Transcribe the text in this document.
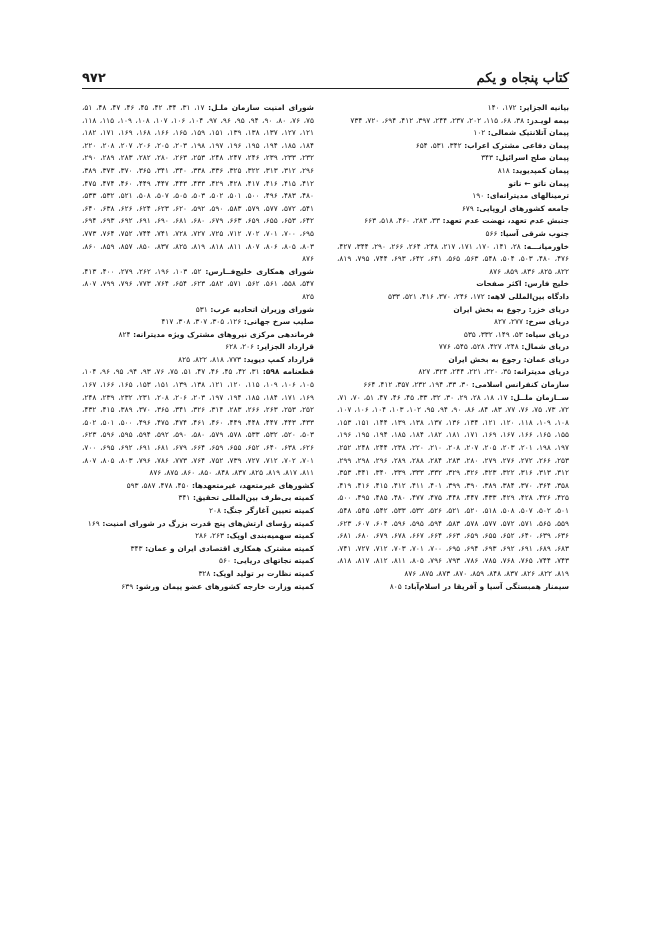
کتاب پنجاه و یکم
۹۷۲
بیانیه الجزایر: ۱۷۲، ۱۴۰
بیمه لویـدز: ۳۸، ۶۸، ۱۱۵، ۲۰۲، ۲۳۷، ۲۴۴، ۳۹۷، ۴۱۲، ۶۹۴، ۷۲۰، ۷۳۴
پیمان آتلانتیک شمالی: ۱۰۲
پیمان دفاعی مشترک اعراب: ۳۴۲، ۵۳۱، ۶۵۴
پیمان صلح اسرائیل: ۳۴۳
پیمان کمپدیوید: ۸۱۸
پیمان ناتو ← ناتو
ترمینالهای مدیترانه‌ای: ۱۹۰
جامعه کشورهای اروپایی: ۶۷۹
جنبش عدم تعهد، نهضت عدم تعهد: ۳۳، ۲۸۳، ۴۶۰، ۵۱۸، ۶۶۳
جنوب شرقی آسیا: ۵۶۶
خاورمیانـــه: ۲۸، ۱۴۱، ۱۷۰، ۱۷۱، ۲۱۷، ۲۴۸، ۲۶۴، ۲۶۶، ۲۹۰، ۳۴۴، ۴۲۷، ۴۷۶، ۴۸۰، ۵۰۳، ۵۰۴، ۵۴۸، ۵۶۳، ۵۶۵، ۶۴۱، ۶۴۲، ۶۹۳، ۷۴۴، ۷۹۵، ۸۱۹، ۸۲۲، ۸۲۵، ۸۳۶، ۸۵۹، ۸۷۶
خلیج فارس: اکثر صفحات
دادگاه بین‌المللی لاهه: ۱۷۲، ۲۴۶، ۳۷۰، ۴۱۶، ۵۲۱، ۵۳۳
دریای خزر: رجوع به بخش ایران
دریای سرخ: ۲۷۷، ۸۲۷
دریای سیاه: ۵۳، ۱۴۹، ۳۳۲، ۵۳۵
دریای شمال: ۲۴۸، ۴۲۷، ۵۲۸، ۵۴۵، ۷۷۶
دریای عمان: رجوع به بخش ایران
دریای مدیترانه: ۳۵، ۲۲۰، ۲۲۱، ۲۴۴، ۳۲۴، ۸۲۷
سازمان کنفرانس اسلامی: ۳۰، ۳۳، ۱۹۴، ۲۳۲، ۳۵۷، ۴۱۲، ۶۶۴
ســازمان ملــل: ۱۷، ۱۸، ۲۸، ۲۹، ۳۰، ۳۲، ۳۳، ۴۵، ۴۶، ۴۷، ۵۱، ۷۰، ۷۱، ۷۲، ۷۳، ۷۵، ۷۶، ۷۷، ۸۳، ۸۴، ۸۶، ۹۰، ۹۴، ۹۵، ۱۰۲، ۱۰۳، ۱۰۴، ۱۰۶، ۱۰۷، ۱۰۸، ۱۰۹، ۱۱۸، ۱۲۰، ۱۲۱، ۱۳۴، ۱۳۶، ۱۳۷، ۱۳۸، ۱۳۹، ۱۴۴، ۱۵۱، ۱۵۳، ۱۵۵، ۱۶۵، ۱۶۶، ۱۶۷، ۱۶۹، ۱۷۱، ۱۸۱، ۱۸۲، ۱۸۴، ۱۸۵، ۱۹۴، ۱۹۵، ۱۹۶، ۱۹۷، ۱۹۸، ۲۰۱، ۲۰۳، ۲۰۵، ۲۰۷، ۲۰۸، ۲۱۰، ۲۲۰، ۲۳۸، ۲۴۴، ۲۴۸، ۲۵۲، ۲۵۳، ۲۶۶، ۲۷۲، ۲۷۶، ۲۷۹، ۲۸۰، ۲۸۳، ۲۸۴، ۲۸۸، ۲۸۹، ۲۹۶، ۲۹۸، ۲۹۹، ۳۱۲، ۳۱۳، ۳۱۶، ۳۲۲، ۳۲۳، ۳۲۶، ۳۲۹، ۳۳۲، ۳۳۳، ۳۳۹، ۳۴۰، ۳۴۱، ۳۵۳، ۳۵۸، ۳۶۴، ۳۷۰، ۳۸۴، ۳۸۹، ۳۹۰، ۳۹۹، ۴۰۱، ۴۱۱، ۴۱۲، ۴۱۵، ۴۱۶، ۴۱۹، ۴۲۵، ۴۲۶، ۴۲۸، ۴۲۹، ۴۳۳، ۴۴۷، ۴۴۸، ۴۷۵، ۴۷۷، ۴۸۰، ۴۸۵، ۴۹۵، ۵۰۰، ۵۰۱، ۵۰۲، ۵۰۷، ۵۰۸، ۵۱۸، ۵۲۰، ۵۲۱، ۵۲۶، ۵۳۲، ۵۳۳، ۵۴۲، ۵۴۵، ۵۴۸، ۵۵۹، ۵۶۵، ۵۷۱، ۵۷۲، ۵۷۷، ۵۷۸، ۵۸۳، ۵۹۴، ۵۹۵، ۵۹۶، ۶۰۴، ۶۰۷، ۶۲۳، ۶۳۶، ۶۳۹، ۶۴۰، ۶۵۲، ۶۵۵، ۶۵۹، ۶۶۳، ۶۶۴، ۶۶۷، ۶۷۸، ۶۷۹، ۶۸۰، ۶۸۱، ۶۸۳، ۶۸۹، ۶۹۱، ۶۹۲، ۶۹۳، ۶۹۴، ۶۹۵، ۷۰۰، ۷۰۱، ۷۰۳، ۷۱۲، ۷۲۷، ۷۴۱، ۷۴۳، ۷۴۴، ۷۶۵، ۷۶۸، ۷۸۵، ۷۸۶، ۷۹۳، ۷۹۶، ۸۰۵، ۸۱۱، ۸۱۲، ۸۱۷، ۸۱۸، ۸۱۹، ۸۲۲، ۸۲۶، ۸۳۷، ۸۴۸، ۸۵۹، ۸۷۰، ۸۷۳، ۸۷۵، ۸۷۶
سیمنار همبستگی آسیا و آفریقا در اسلام‌آباد: ۸۰۵
شورای امنیت سازمان ملـل: ۱۷، ۳۱، ۳۴، ۴۲، ۴۵، ۴۶، ۴۷، ۴۸، ۵۱، ۷۵، ۷۶، ۸۰، ۹۰، ۹۴، ۹۵، ۹۶، ۹۷، ۱۰۴، ۱۰۶، ۱۰۷، ۱۰۸، ۱۰۹، ۱۱۵، ۱۱۸، ۱۲۱، ۱۲۷، ۱۳۷، ۱۳۸، ۱۳۹، ۱۵۱، ۱۵۹، ۱۶۵، ۱۶۶، ۱۶۸، ۱۶۹، ۱۷۱، ۱۸۲، ۱۸۴، ۱۸۵، ۱۹۴، ۱۹۵، ۱۹۶، ۱۹۷، ۱۹۸، ۲۰۳، ۲۰۵، ۲۰۶، ۲۰۷، ۲۰۸، ۲۲۰، ۲۳۲، ۲۳۳، ۲۳۹، ۲۴۶، ۲۴۷، ۲۴۸، ۲۵۳، ۲۶۳، ۲۸۰، ۲۸۲، ۲۸۳، ۲۸۹، ۲۹۰، ۲۹۶، ۳۱۲، ۳۱۳، ۳۲۲، ۳۲۵، ۳۳۶، ۳۳۸، ۳۴۰، ۳۴۱، ۳۶۵، ۳۷۰، ۳۷۳، ۳۸۹، ۴۱۲، ۴۱۵، ۴۱۶، ۴۱۷، ۴۲۸، ۴۲۹، ۴۳۳، ۴۴۳، ۴۴۷، ۴۴۹، ۴۶۰، ۴۷۴، ۴۷۵، ۴۸۰، ۴۸۳، ۴۹۶، ۵۰۰، ۵۰۱، ۵۰۲، ۵۰۳، ۵۰۵، ۵۰۷، ۵۰۸، ۵۲۱، ۵۳۲، ۵۳۳، ۵۴۱، ۵۷۲، ۵۷۷، ۵۷۹، ۵۸۳، ۵۹۰، ۵۹۲، ۶۲۰، ۶۲۳، ۶۲۴، ۶۲۶، ۶۳۸، ۶۴۰، ۶۴۲، ۶۵۳، ۶۵۵، ۶۵۹، ۶۶۳، ۶۷۹، ۶۸۰، ۶۸۱، ۶۹۰، ۶۹۱، ۶۹۲، ۶۹۳، ۶۹۴، ۶۹۵، ۷۰۰، ۷۰۱، ۷۰۲، ۷۱۲، ۷۲۵، ۷۲۷، ۷۲۸، ۷۴۱، ۷۴۴، ۷۵۲، ۷۶۴، ۷۷۳، ۸۰۳، ۸۰۵، ۸۰۶، ۸۰۷، ۸۱۱، ۸۱۸، ۸۱۹، ۸۲۵، ۸۳۷، ۸۵۰، ۸۵۷، ۸۵۹، ۸۶۰، ۸۷۶
شورای همکاری خلیج‌فــارس: ۵۲، ۱۰۳، ۱۹۶، ۲۶۲، ۲۷۹، ۴۰۰، ۴۱۳، ۵۴۷، ۵۵۸، ۵۶۱، ۵۶۲، ۵۷۱، ۵۸۲، ۶۲۳، ۶۵۴، ۷۶۴، ۷۷۳، ۷۹۶، ۷۹۹، ۸۰۷، ۸۲۵
شورای وزیران اتحادیه عرب: ۵۳۱
صلیب سرخ جهانی: ۱۲۶، ۳۰۵، ۳۰۷، ۳۰۸، ۴۱۷
فرماندهی مرکزی نیروهای مشترک ویژه مدیترانه: ۸۲۴
قرارداد الجزایر: ۲۰۶، ۶۲۸
قرارداد کمپ دیوید: ۷۷۳، ۸۱۸، ۸۲۲، ۸۲۵
قطعنامه ۵۹۸: ۳۱، ۴۲، ۴۵، ۴۶، ۴۷، ۵۱، ۷۵، ۷۶، ۹۳، ۹۴، ۹۵، ۹۶، ۱۰۴، ۱۰۵، ۱۰۶، ۱۰۹، ۱۱۵، ۱۲۰، ۱۲۱، ۱۳۸، ۱۳۹، ۱۵۱، ۱۵۳، ۱۶۵، ۱۶۶، ۱۶۷، ۱۶۹، ۱۷۱، ۱۸۴، ۱۸۵، ۱۹۴، ۱۹۷، ۲۰۳، ۲۰۶، ۲۰۸، ۲۳۱، ۲۳۲، ۲۳۹، ۲۴۸، ۲۵۲، ۲۵۳، ۲۶۳، ۲۶۶، ۲۸۳، ۳۱۴، ۳۲۶، ۳۴۱، ۳۶۵، ۳۷۰، ۳۸۹، ۴۱۵، ۴۳۲، ۴۳۳، ۴۴۳، ۴۴۷، ۴۴۸، ۴۴۹، ۴۶۰، ۴۶۱، ۴۷۴، ۴۷۵، ۴۹۶، ۵۰۰، ۵۰۱، ۵۰۲، ۵۰۳، ۵۲۰، ۵۳۲، ۵۳۳، ۵۷۸، ۵۷۹، ۵۸۰، ۵۹۰، ۵۹۲، ۵۹۴، ۵۹۵، ۵۹۶، ۶۲۳، ۶۲۶، ۶۳۸، ۶۴۰، ۶۵۲، ۶۵۵، ۶۵۹، ۶۶۴، ۶۷۹، ۶۸۱، ۶۹۱، ۶۹۲، ۶۹۵، ۷۰۰، ۷۰۱، ۷۰۲، ۷۱۲، ۷۲۷، ۷۳۹، ۷۵۲، ۷۶۴، ۷۷۳، ۷۸۶، ۷۹۶، ۸۰۳، ۸۰۵، ۸۰۷، ۸۱۱، ۸۱۷، ۸۱۹، ۸۲۵، ۸۳۷، ۸۴۸، ۸۵۰، ۸۶۰، ۸۷۵، ۸۷۶
کشورهای غیرمتعهد، غیرمتعهدها: ۴۵۰، ۴۷۸، ۵۸۷، ۵۹۳
کمیته بی‌طرف بین‌المللی تحقیق: ۳۴۱
کمیته تعیین آغازگر جنگ: ۲۰۸
کمیته رؤسای ارتش‌های پنج قدرت بزرگ در شورای امنیت: ۱۶۹
کمیته سهمیه‌بندی اوپک: ۲۶۳، ۲۸۶
کمیته مشترک همکاری اقتصادی ایران و عمان: ۳۴۳
کمیته نجاتهای دریایی: ۵۶۰
کمیته نظارت بر تولید اوپک: ۳۲۸
کمیته وزارت خارجه کشورهای عضو پیمان ورشو: ۶۳۹
